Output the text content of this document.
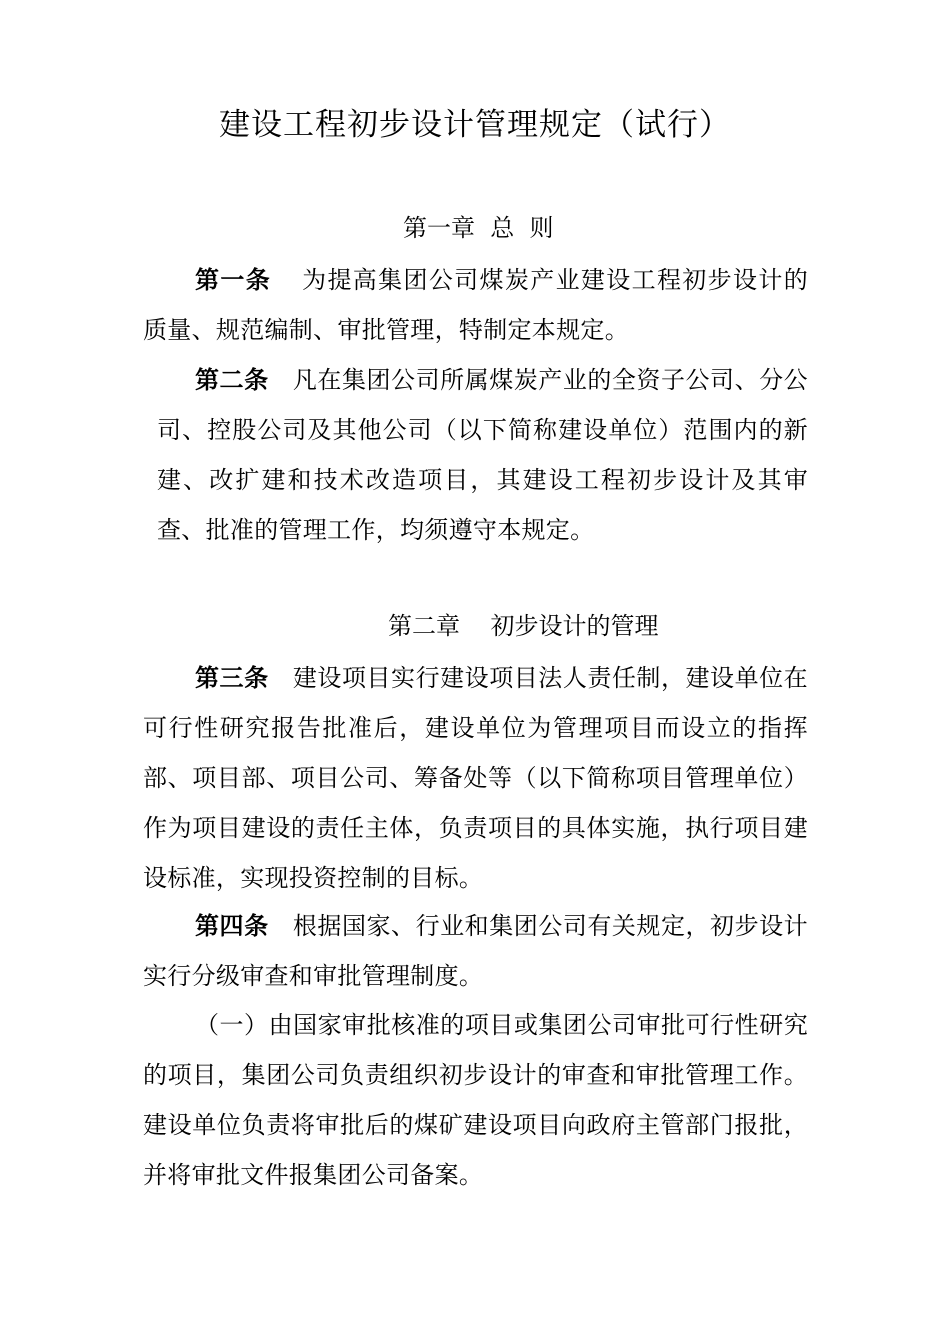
建设工程初步设计管理规定（试行）
第一章  总  则
第一条 为提高集团公司煤炭产业建设工程初步设计的质量、规范编制、审批管理，特制定本规定。
第二条 凡在集团公司所属煤炭产业的全资子公司、分公司、控股公司及其他公司（以下简称建设单位）范围内的新建、改扩建和技术改造项目，其建设工程初步设计及其审查、批准的管理工作，均须遵守本规定。
第二章    初步设计的管理
第三条 建设项目实行建设项目法人责任制，建设单位在可行性研究报告批准后，建设单位为管理项目而设立的指挥部、项目部、项目公司、筹备处等（以下简称项目管理单位）作为项目建设的责任主体，负责项目的具体实施，执行项目建设标准，实现投资控制的目标。
第四条 根据国家、行业和集团公司有关规定，初步设计实行分级审查和审批管理制度。
（一）由国家审批核准的项目或集团公司审批可行性研究的项目，集团公司负责组织初步设计的审查和审批管理工作。建设单位负责将审批后的煤矿建设项目向政府主管部门报批，并将审批文件报集团公司备案。
